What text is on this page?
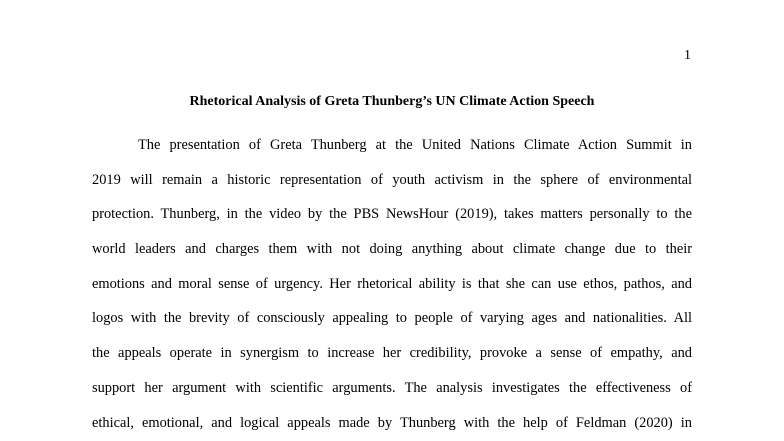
1
Rhetorical Analysis of Greta Thunberg’s UN Climate Action Speech
The presentation of Greta Thunberg at the United Nations Climate Action Summit in
2019 will remain a historic representation of youth activism in the sphere of environmental
protection. Thunberg, in the video by the PBS NewsHour (2019), takes matters personally to the
world leaders and charges them with not doing anything about climate change due to their
emotions and moral sense of urgency. Her rhetorical ability is that she can use ethos, pathos, and
logos with the brevity of consciously appealing to people of varying ages and nationalities. All
the appeals operate in synergism to increase her credibility, provoke a sense of empathy, and
support her argument with scientific arguments. The analysis investigates the effectiveness of
ethical, emotional, and logical appeals made by Thunberg with the help of Feldman (2020) in
